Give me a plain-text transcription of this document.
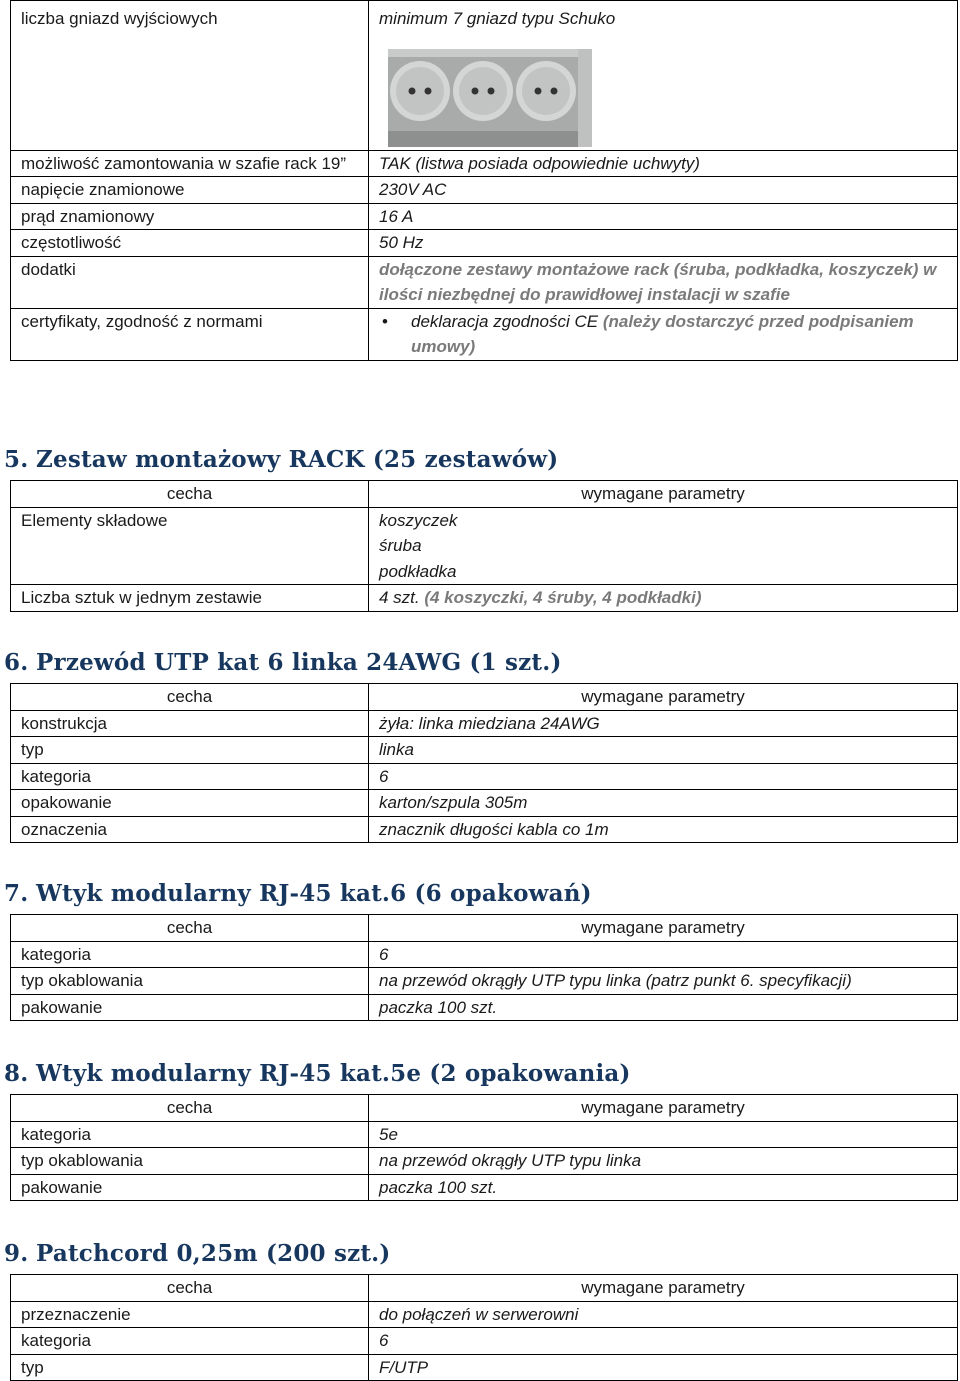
liczba gniazd wyjściowych	minimum 7 gniazd typu Schuko

możliwość zamontowania w szafie rack 19”	TAK (listwa posiada odpowiednie uchwyty)
napięcie znamionowe	230V AC
prąd znamionowy	16 A
częstotliwość	50 Hz
dodatki	dołączone zestawy montażowe rack (śruba, podkładka, koszyczek) w ilości niezbędnej do prawidłowej instalacji w szafie
certyfikaty, zgodność z normami	• deklaracja zgodności CE (należy dostarczyć przed podpisaniem umowy)
5. Zestaw montażowy RACK (25 zestawów)
cecha	wymagane parametry
Elementy składowe	koszyczek
śruba
podkładka

Liczba sztuk w jednym zestawie	4 szt. (4 koszyczki, 4 śruby, 4 podkładki)
6. Przewód UTP kat 6 linka 24AWG (1 szt.)
cecha	wymagane parametry
konstrukcja	żyła: linka miedziana 24AWG
typ	linka
kategoria	6
opakowanie	karton/szpula 305m
oznaczenia	znacznik długości kabla co 1m
7. Wtyk modularny RJ-45 kat.6 (6 opakowań)
cecha	wymagane parametry
kategoria	6
typ okablowania	na przewód okrągły UTP typu linka (patrz punkt 6. specyfikacji)
pakowanie	paczka 100 szt.
8. Wtyk modularny RJ-45 kat.5e (2 opakowania)
cecha	wymagane parametry
kategoria	5e
typ okablowania	na przewód okrągły UTP typu linka
pakowanie	paczka 100 szt.
9. Patchcord 0,25m (200 szt.)
cecha	wymagane parametry
przeznaczenie	do połączeń w serwerowni
kategoria	6
typ	F/UTP
